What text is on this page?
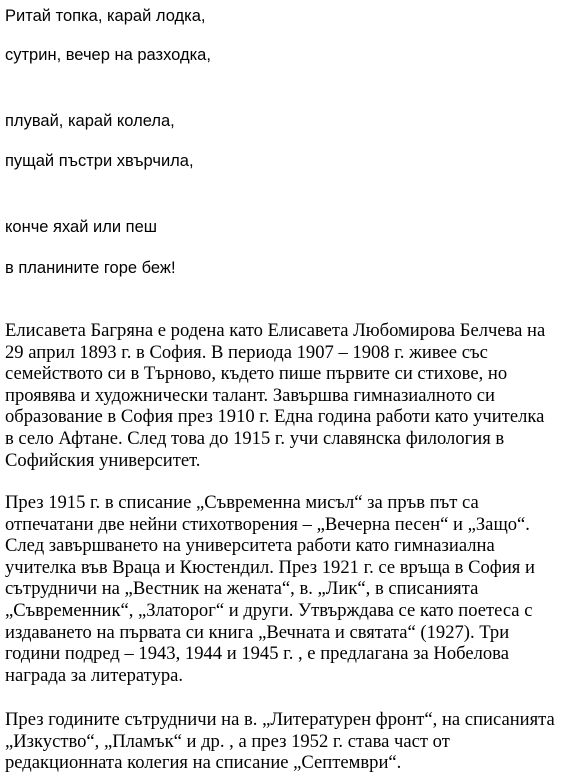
Ритай топка, карай лодка,

сутрин, вечер на разходка,

плувай, карай колела,

пущай пъстри хвърчила,

конче яхай или пеш

в планините горе беж!

Елисавета Багряна е родена като Елисавета Любомирова Белчева на
29 април 1893 г. в София. В периода 1907 – 1908 г. живее със
семейството си в Търново, където пише първите си стихове, но
проявява и художнически талант. Завършва гимназиалното си
образование в София през 1910 г. Една година работи като учителка
в село Афтане. След това до 1915 г. учи славянска филология в
Софийския университет.
През 1915 г. в списание „Съвременна мисъл“ за пръв път са
отпечатани две нейни стихотворения – „Вечерна песен“ и „Защо“.
След завършването на университета работи като гимназиална
учителка във Враца и Кюстендил. През 1921 г. се връща в София и
сътрудничи на „Вестник на жената“, в. „Лик“, в списанията
„Съвременник“, „Златорог“ и други. Утвърждава се като поетеса с
издаването на първата си книга „Вечната и святата“ (1927). Три
години подред – 1943, 1944 и 1945 г. , е предлагана за Нобелова
награда за литература.
През годините сътрудничи на в. „Литературен фронт“, на списанията
„Изкуство“, „Пламък“ и др. , а през 1952 г. става част от
редакционната колегия на списание „Септември“.
